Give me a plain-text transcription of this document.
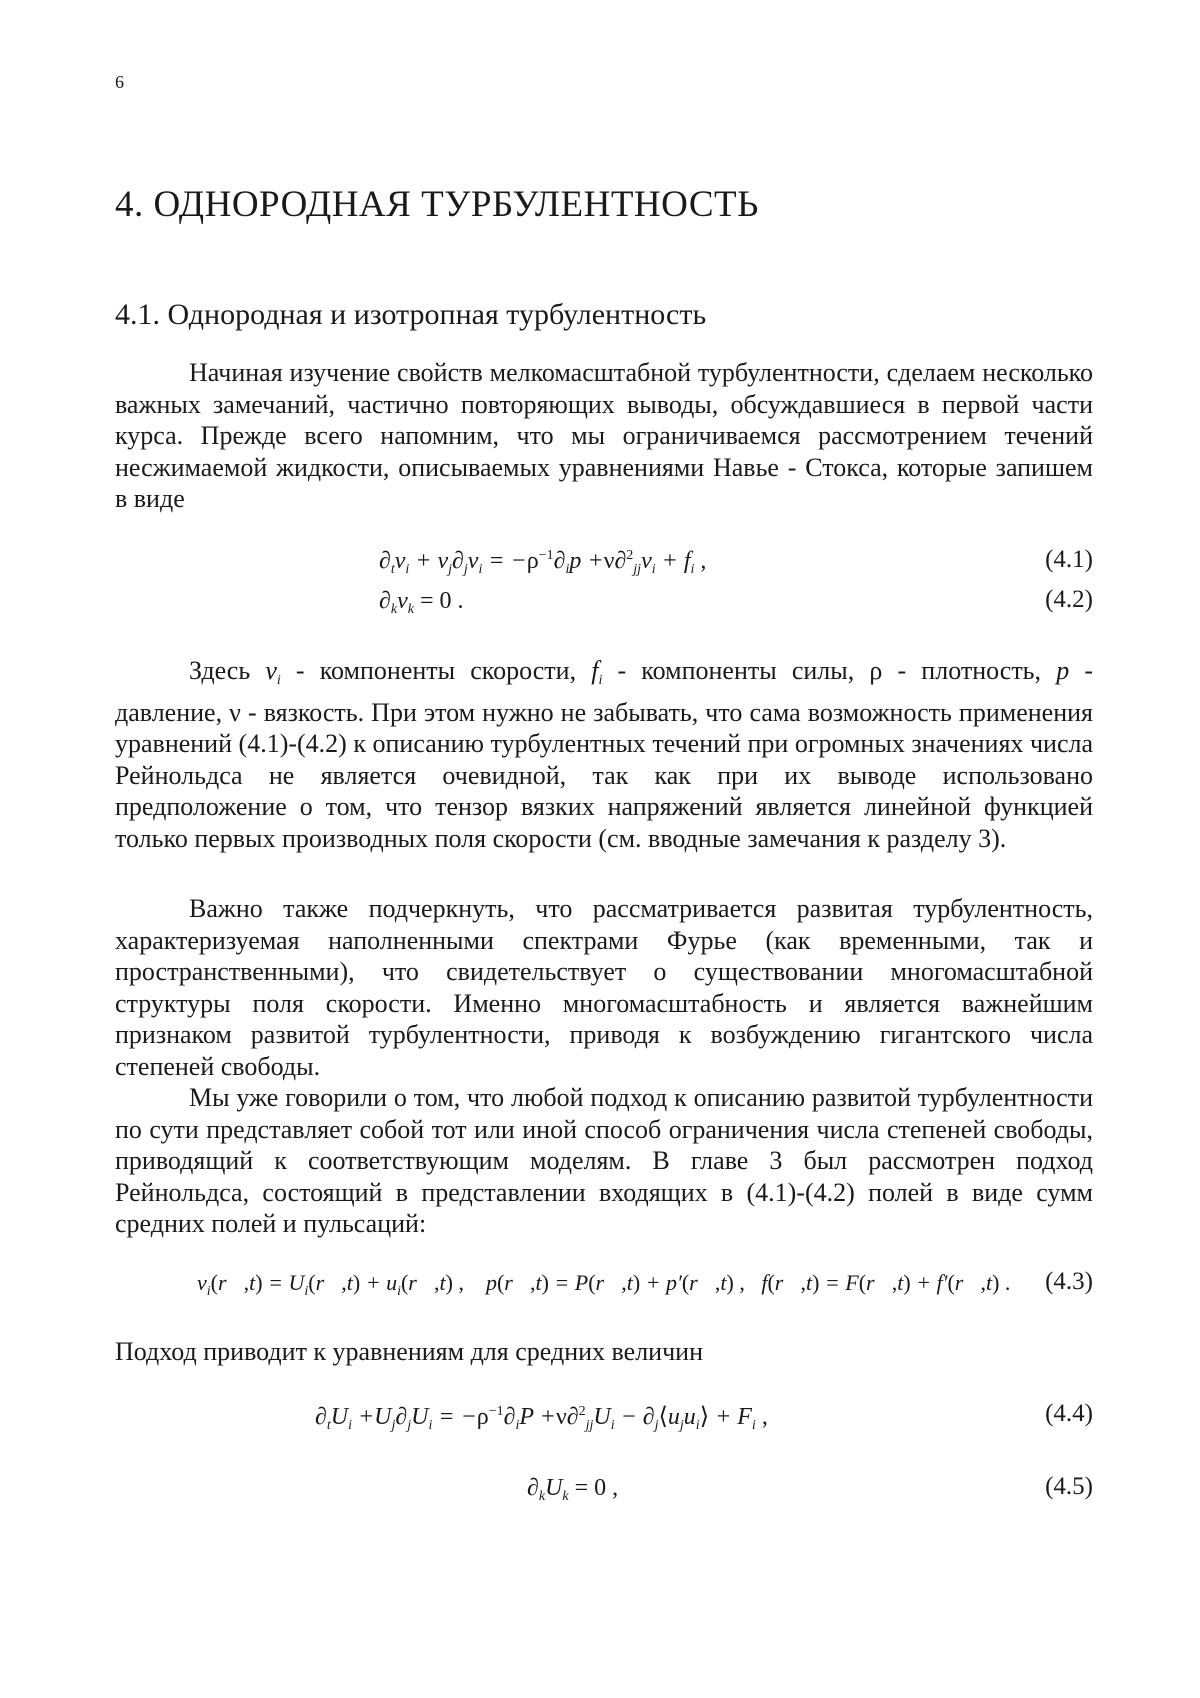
6
4. ОДНОРОДНАЯ ТУРБУЛЕНТНОСТЬ
4.1. Однородная и изотропная турбулентность

Начиная изучение свойств мелкомасштабной турбулентности, сделаем несколько важных замечаний, частично повторяющих выводы, обсуждавшиеся в первой части курса. Прежде всего напомним, что мы ограничиваемся рассмотрением течений несжимаемой жидкости, описываемых уравнениями Навье - Стокса, которые запишем в виде

$\partial_tv_i + v_j\partial_jv_i = -\rho^{-1}\partial_ip +\nu\partial^2_{jj}v_i + f_i$ ,	(4.1)
$\partial_kv_k = 0$ .	(4.2)

Здесь $v_i$ - компоненты скорости, $f_i$ - компоненты силы, ρ - плотность, p - давление, ν - вязкость. При этом нужно не забывать, что сама возможность применения уравнений (4.1)-(4.2) к описанию турбулентных течений при огромных значениях числа Рейнольдса не является очевидной, так как при их выводе использовано предположение о том, что тензор вязких напряжений является линейной функцией только первых производных поля скорости (см. вводные замечания к разделу 3).

Важно также подчеркнуть, что рассматривается развитая турбулентность, характеризуемая наполненными спектрами Фурье (как временными, так и пространственными), что свидетельствует о существовании многомасштабной структуры поля скорости. Именно многомасштабность и является важнейшим признаком развитой турбулентности, приводя к возбуждению гигантского числа степеней свободы.

Мы уже говорили о том, что любой подход к описанию развитой турбулентности по сути представляет собой тот или иной способ ограничения числа степеней свободы, приводящий к соответствующим моделям. В главе 3 был рассмотрен подход Рейнольдса, состоящий в представлении входящих в (4.1)-(4.2) полей в виде сумм средних полей и пульсаций:

$v_i(r⃗,t)$ = $U_i(r⃗,t)$ + $u_i(r⃗,t)$ ,    p(r⃗,t) = P(r⃗,t) + p′(r⃗,t) ,   f(r⃗,t) = F(r⃗,t) + f′(r⃗,t) . (4.3)

Подход приводит к уравнениям для средних величин

$\partial_tU_i +U_j\partial_jU_i = -\rho^{-1}\partial_iP +\nu\partial^2_{jj}U_i$ − $\partial_j⟨u_ju_i⟩ + F_i$ ,	(4.4)
$\partial_kU_k = 0$ ,	(4.5)
